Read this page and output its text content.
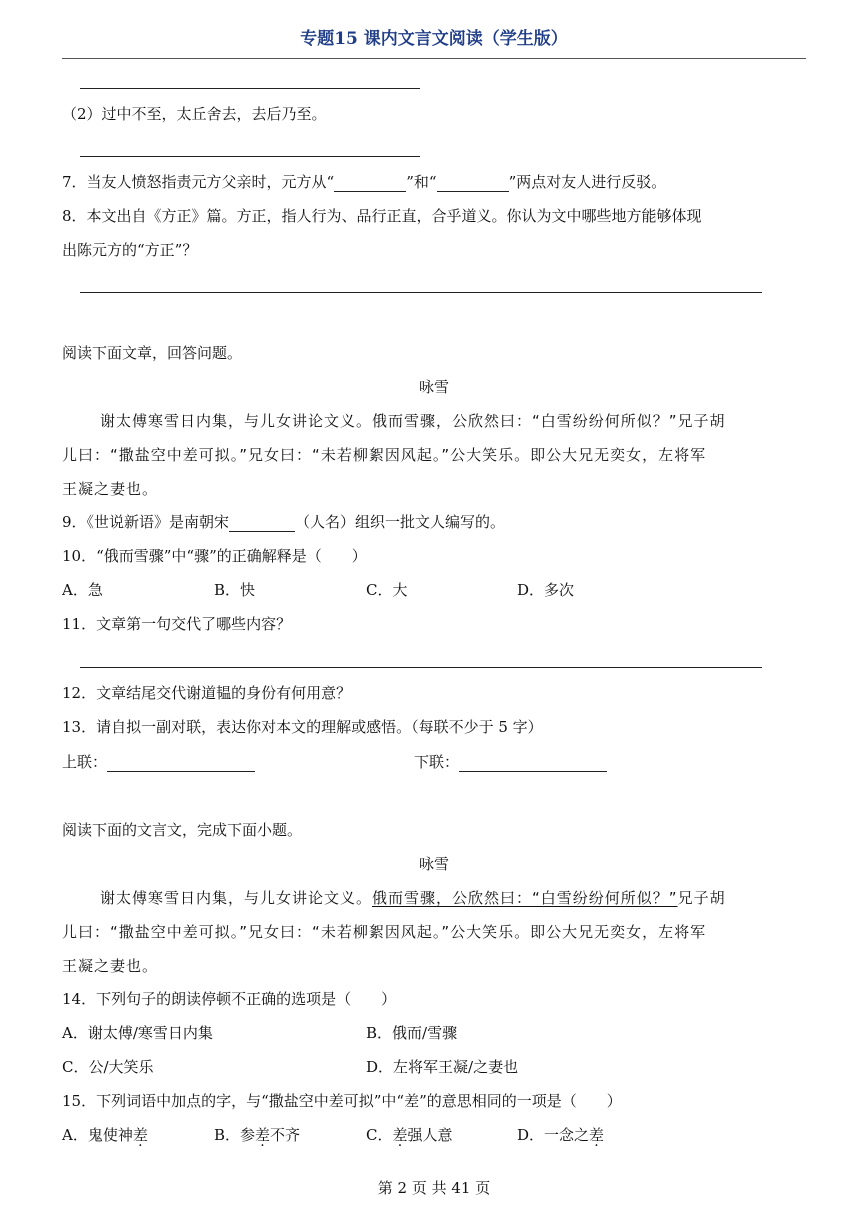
专题15 课内文言文阅读（学生版）
（2）过中不至，太丘舍去，去后乃至。
7．当友人愤怒指责元方父亲时，元方从“	”和“	”两点对友人进行反驳。
8．本文出自《方正》篇。方正，指人行为、品行正直，合乎道义。你认为文中哪些地方能够体现
出陈元方的“方正”？
阅读下面文章，回答问题。
咏雪
谢太傅寒雪日内集，与儿女讲论文义。俄而雪骤，公欣然曰：“白雪纷纷何所似？”兄子胡
儿曰：“撒盐空中差可拟。”兄女曰：“未若柳絮因风起。”公大笑乐。即公大兄无奕女，左将军
王凝之妻也。
9．《世说新语》是南朝宋	（人名）组织一批文人编写的。
10．“俄而雪骤”中“骤”的正确解释是（　　）
A．急	B．快	C．大	D．多次
11．文章第一句交代了哪些内容？
12．文章结尾交代谢道韫的身份有何用意？
13．请自拟一副对联，表达你对本文的理解或感悟。（每联不少于 5 字）
上联：	下联：
阅读下面的文言文，完成下面小题。
咏雪
谢太傅寒雪日内集，与儿女讲论文义。俄而雪骤，公欣然曰：“白雪纷纷何所似？”兄子胡
儿曰：“撒盐空中差可拟。”兄女曰：“未若柳絮因风起。”公大笑乐。即公大兄无奕女，左将军
王凝之妻也。
14．下列句子的朗读停顿不正确的选项是（　　）
A．谢太傅/寒雪日内集	B．俄而/雪骤
C．公/大笑乐	D．左将军王凝/之妻也
15．下列词语中加点的字，与“撒盐空中差可拟”中“差”的意思相同的一项是（　　）
A．鬼使神差	B．参差不齐	C．差强人意	D．一念之差
第 2 页 共 41 页
